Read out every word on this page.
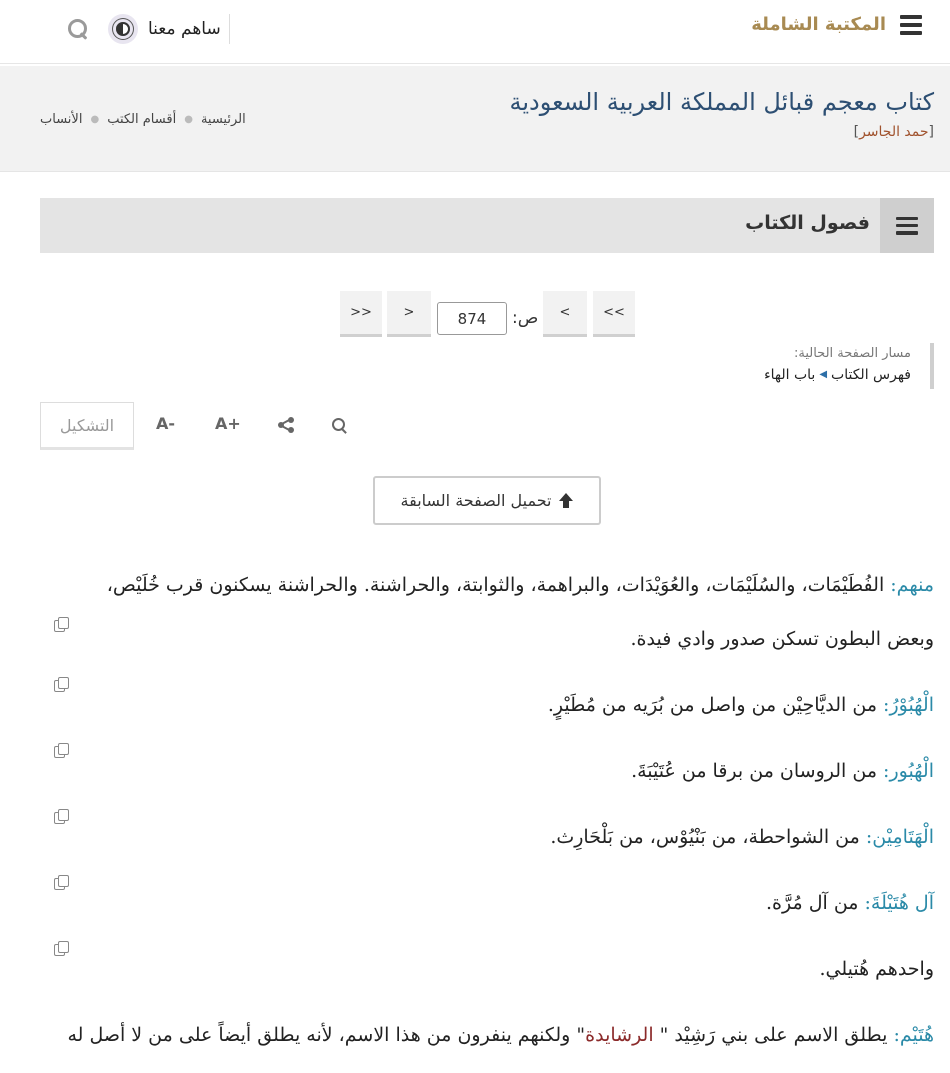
المكتبة الشاملة
ساهم معنا
كتاب معجم قبائل المملكة العربية السعودية
[حمد الجاسر]
الرئيسية
●
أقسام الكتب
●
الأنساب
فصول الكتاب
<<
<
ص:
874
>
>>
مسار الصفحة الحالية:
فهرس الكتاب
◀
باب الهاء
التشكيل	A- A+
تحميل الصفحة السابقة
منهم: الفُطَيْمَات، والسُلَيْمَات، والعُوَيْدَات، والبراهمة، والثوابتة، والحراشنة. والحراشنة يسكنون قرب خُلَيْص،
وبعض البطون تسكن صدور وادي فيدة.
الْهُبُوْرُ: من الديَّاحِيْن من واصل من بُرَيه من مُطَيْرٍ.
الْهُبُور: من الروسان من برقا من عُتَيْبَةَ.
الْهَتَامِيْن: من الشواحطة، من بَنْيُوْس، من بَلْحَارِث.
آل هُتَيْلَةَ: من آل مُرَّة.
واحدهم هُتيلي.
هُتَيْم: يطلق الاسم على بني رَشِيْد " الرشايدة" ولكنهم ينفرون من هذا الاسم، لأنه يطلق أيضاً على من لا أصل له
